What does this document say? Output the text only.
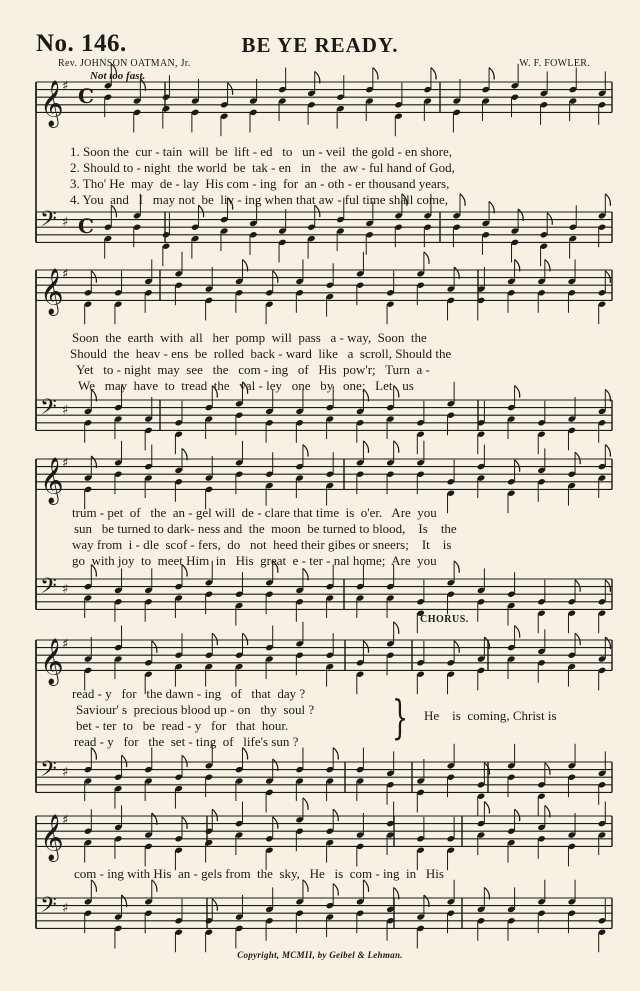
No. 146.	BE YE READY.
Rev. JOHNSON OATMAN, Jr.	W. F. FOWLER.
Not too fast.
𝄞
♯ C
𝄢 ♯ C
𝄞
♯
𝄢 ♯
𝄞
♯
𝄢 ♯
𝄞
♯
𝄢 ♯
𝄞
♯
𝄢 ♯
1. Soon the  cur - tain  will  be  lift - ed   to   un - veil  the gold - en shore,
2. Should to - night  the world  be  tak - en   in   the  aw - ful hand of God,
3. Tho' He  may  de - lay  His com - ing  for  an - oth - er thousand years,
4. You  and   I   may not  be  liv - ing when that aw - ful time shall come,
Soon  the  earth  with  all   her  pomp  will  pass   a - way,  Soon  the
Should  the  heav - ens  be  rolled  back - ward  like   a  scroll, Should the
Yet   to - night  may  see   the   com - ing   of   His  pow'r;   Turn  a -
We   may  have  to  tread  the   val - ley   one   by   one;   Let   us
trum - pet  of   the  an - gel will  de - clare that time  is  o'er.   Are  you
sun   be turned to dark- ness and  the  moon  be turned to blood,    Is    the
way from  i - dle  scof - fers,  do   not  heed their gibes or sneers;    It    is
go  with joy  to  meet Him  in   His  great  e - ter - nal home;  Are  you
read - y   for   the dawn - ing   of   that  day ?
Saviour' s  precious blood up - on   thy  soul ?
bet - ter  to   be  read - y   for   that  hour.
read - y   for   the  set - ting  of   life's sun ? }
CHORUS.
He    is  coming, Christ is
com - ing with His  an - gels from  the  sky,   He   is  com - ing  in   His
Copyright, MCMII, by Geibel & Lehman.
